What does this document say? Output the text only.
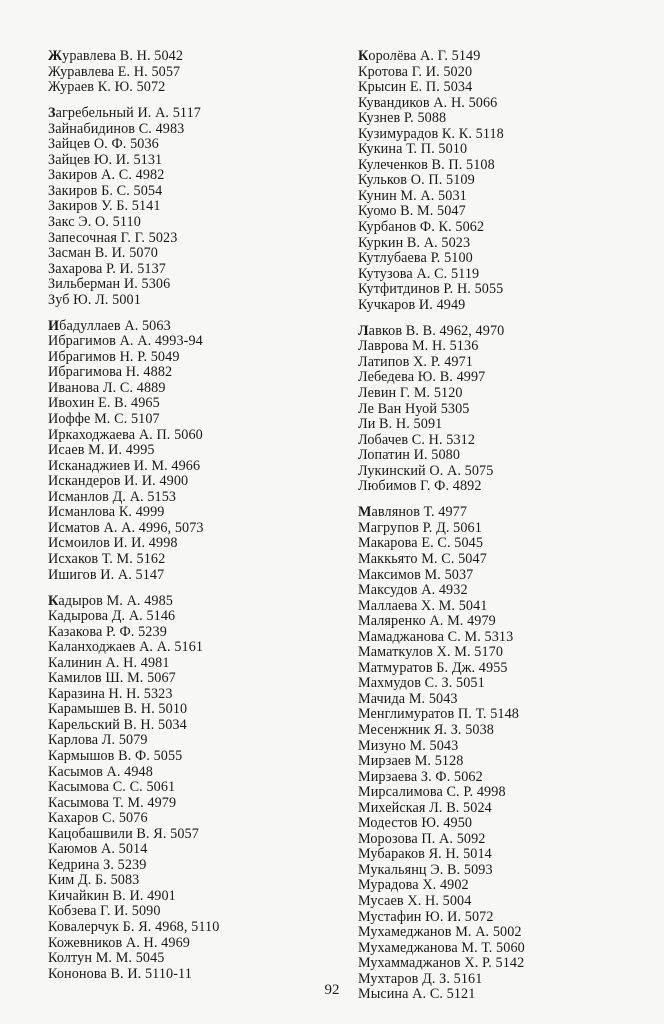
Журавлева В. Н. 5042
Журавлева Е. Н. 5057
Жураев К. Ю. 5072
Загребельный И. А. 5117
Зайнабидинов С. 4983
Зайцев О. Ф. 5036
Зайцев Ю. И. 5131
Закиров А. С. 4982
Закиров Б. С. 5054
Закиров У. Б. 5141
Закс Э. О. 5110
Запесочная Г. Г. 5023
Засман В. И. 5070
Захарова Р. И. 5137
Зильберман И. 5306
Зуб Ю. Л. 5001
Ибадуллаев А. 5063
Ибрагимов А. А. 4993-94
Ибрагимов Н. Р. 5049
Ибрагимова Н. 4882
Иванова Л. С. 4889
Ивохин Е. В. 4965
Иоффе М. С. 5107
Иркаходжаева А. П. 5060
Исаев М. И. 4995
Исканаджиев И. М. 4966
Искандеров И. И. 4900
Исманлов Д. А. 5153
Исманлова К. 4999
Исматов А. А. 4996, 5073
Исмоилов И. И. 4998
Исхаков Т. М. 5162
Ишигов И. А. 5147
Кадыров М. А. 4985
Кадырова Д. А. 5146
Казакова Р. Ф. 5239
Каланходжаев А. А. 5161
Калинин А. Н. 4981
Камилов Ш. М. 5067
Каразина Н. Н. 5323
Карамышев В. Н. 5010
Карельский В. Н. 5034
Карлова Л. 5079
Кармышов В. Ф. 5055
Касымов А. 4948
Касымова С. С. 5061
Касымова Т. М. 4979
Кахаров С. 5076
Кацобашвили В. Я. 5057
Каюмов А. 5014
Кедрина З. 5239
Ким Д. Б. 5083
Кичайкин В. И. 4901
Кобзева Г. И. 5090
Ковалерчук Б. Я. 4968, 5110
Кожевников А. Н. 4969
Колтун М. М. 5045
Кононова В. И. 5110-11
Королёва А. Г. 5149
Кротова Г. И. 5020
Крысин Е. П. 5034
Кувандиков А. Н. 5066
Кузнев Р. 5088
Кузимурадов К. К. 5118
Кукина Т. П. 5010
Кулеченков В. П. 5108
Кульков О. П. 5109
Кунин М. А. 5031
Куомо В. М. 5047
Курбанов Ф. К. 5062
Куркин В. А. 5023
Кутлубаева Р. 5100
Кутузова А. С. 5119
Кутфитдинов Р. Н. 5055
Кучкаров И. 4949
Лавков В. В. 4962, 4970
Лаврова М. Н. 5136
Латипов Х. Р. 4971
Лебедева Ю. В. 4997
Левин Г. М. 5120
Ле Ван Нуой 5305
Ли В. Н. 5091
Лобачев С. Н. 5312
Лопатин И. 5080
Лукинский О. А. 5075
Любимов Г. Ф. 4892
Мавлянов Т. 4977
Магрупов Р. Д. 5061
Макарова Е. С. 5045
Маккьято М. С. 5047
Максимов М. 5037
Максудов А. 4932
Маллаева Х. М. 5041
Маляренко А. М. 4979
Мамаджанова С. М. 5313
Маматкулов Х. М. 5170
Матмуратов Б. Дж. 4955
Махмудов С. З. 5051
Мачида М. 5043
Менглимуратов П. Т. 5148
Месенжник Я. З. 5038
Мизуно М. 5043
Мирзаев М. 5128
Мирзаева З. Ф. 5062
Мирсалимова С. Р. 4998
Михейская Л. В. 5024
Модестов Ю. 4950
Морозова П. А. 5092
Мубараков Я. Н. 5014
Мукальянц Э. В. 5093
Мурадова Х. 4902
Мусаев Х. Н. 5004
Мустафин Ю. И. 5072
Мухамеджанов М. А. 5002
Мухамеджанова М. Т. 5060
Мухаммаджанов Х. Р. 5142
Мухтаров Д. З. 5161
Мысина А. С. 5121
92
